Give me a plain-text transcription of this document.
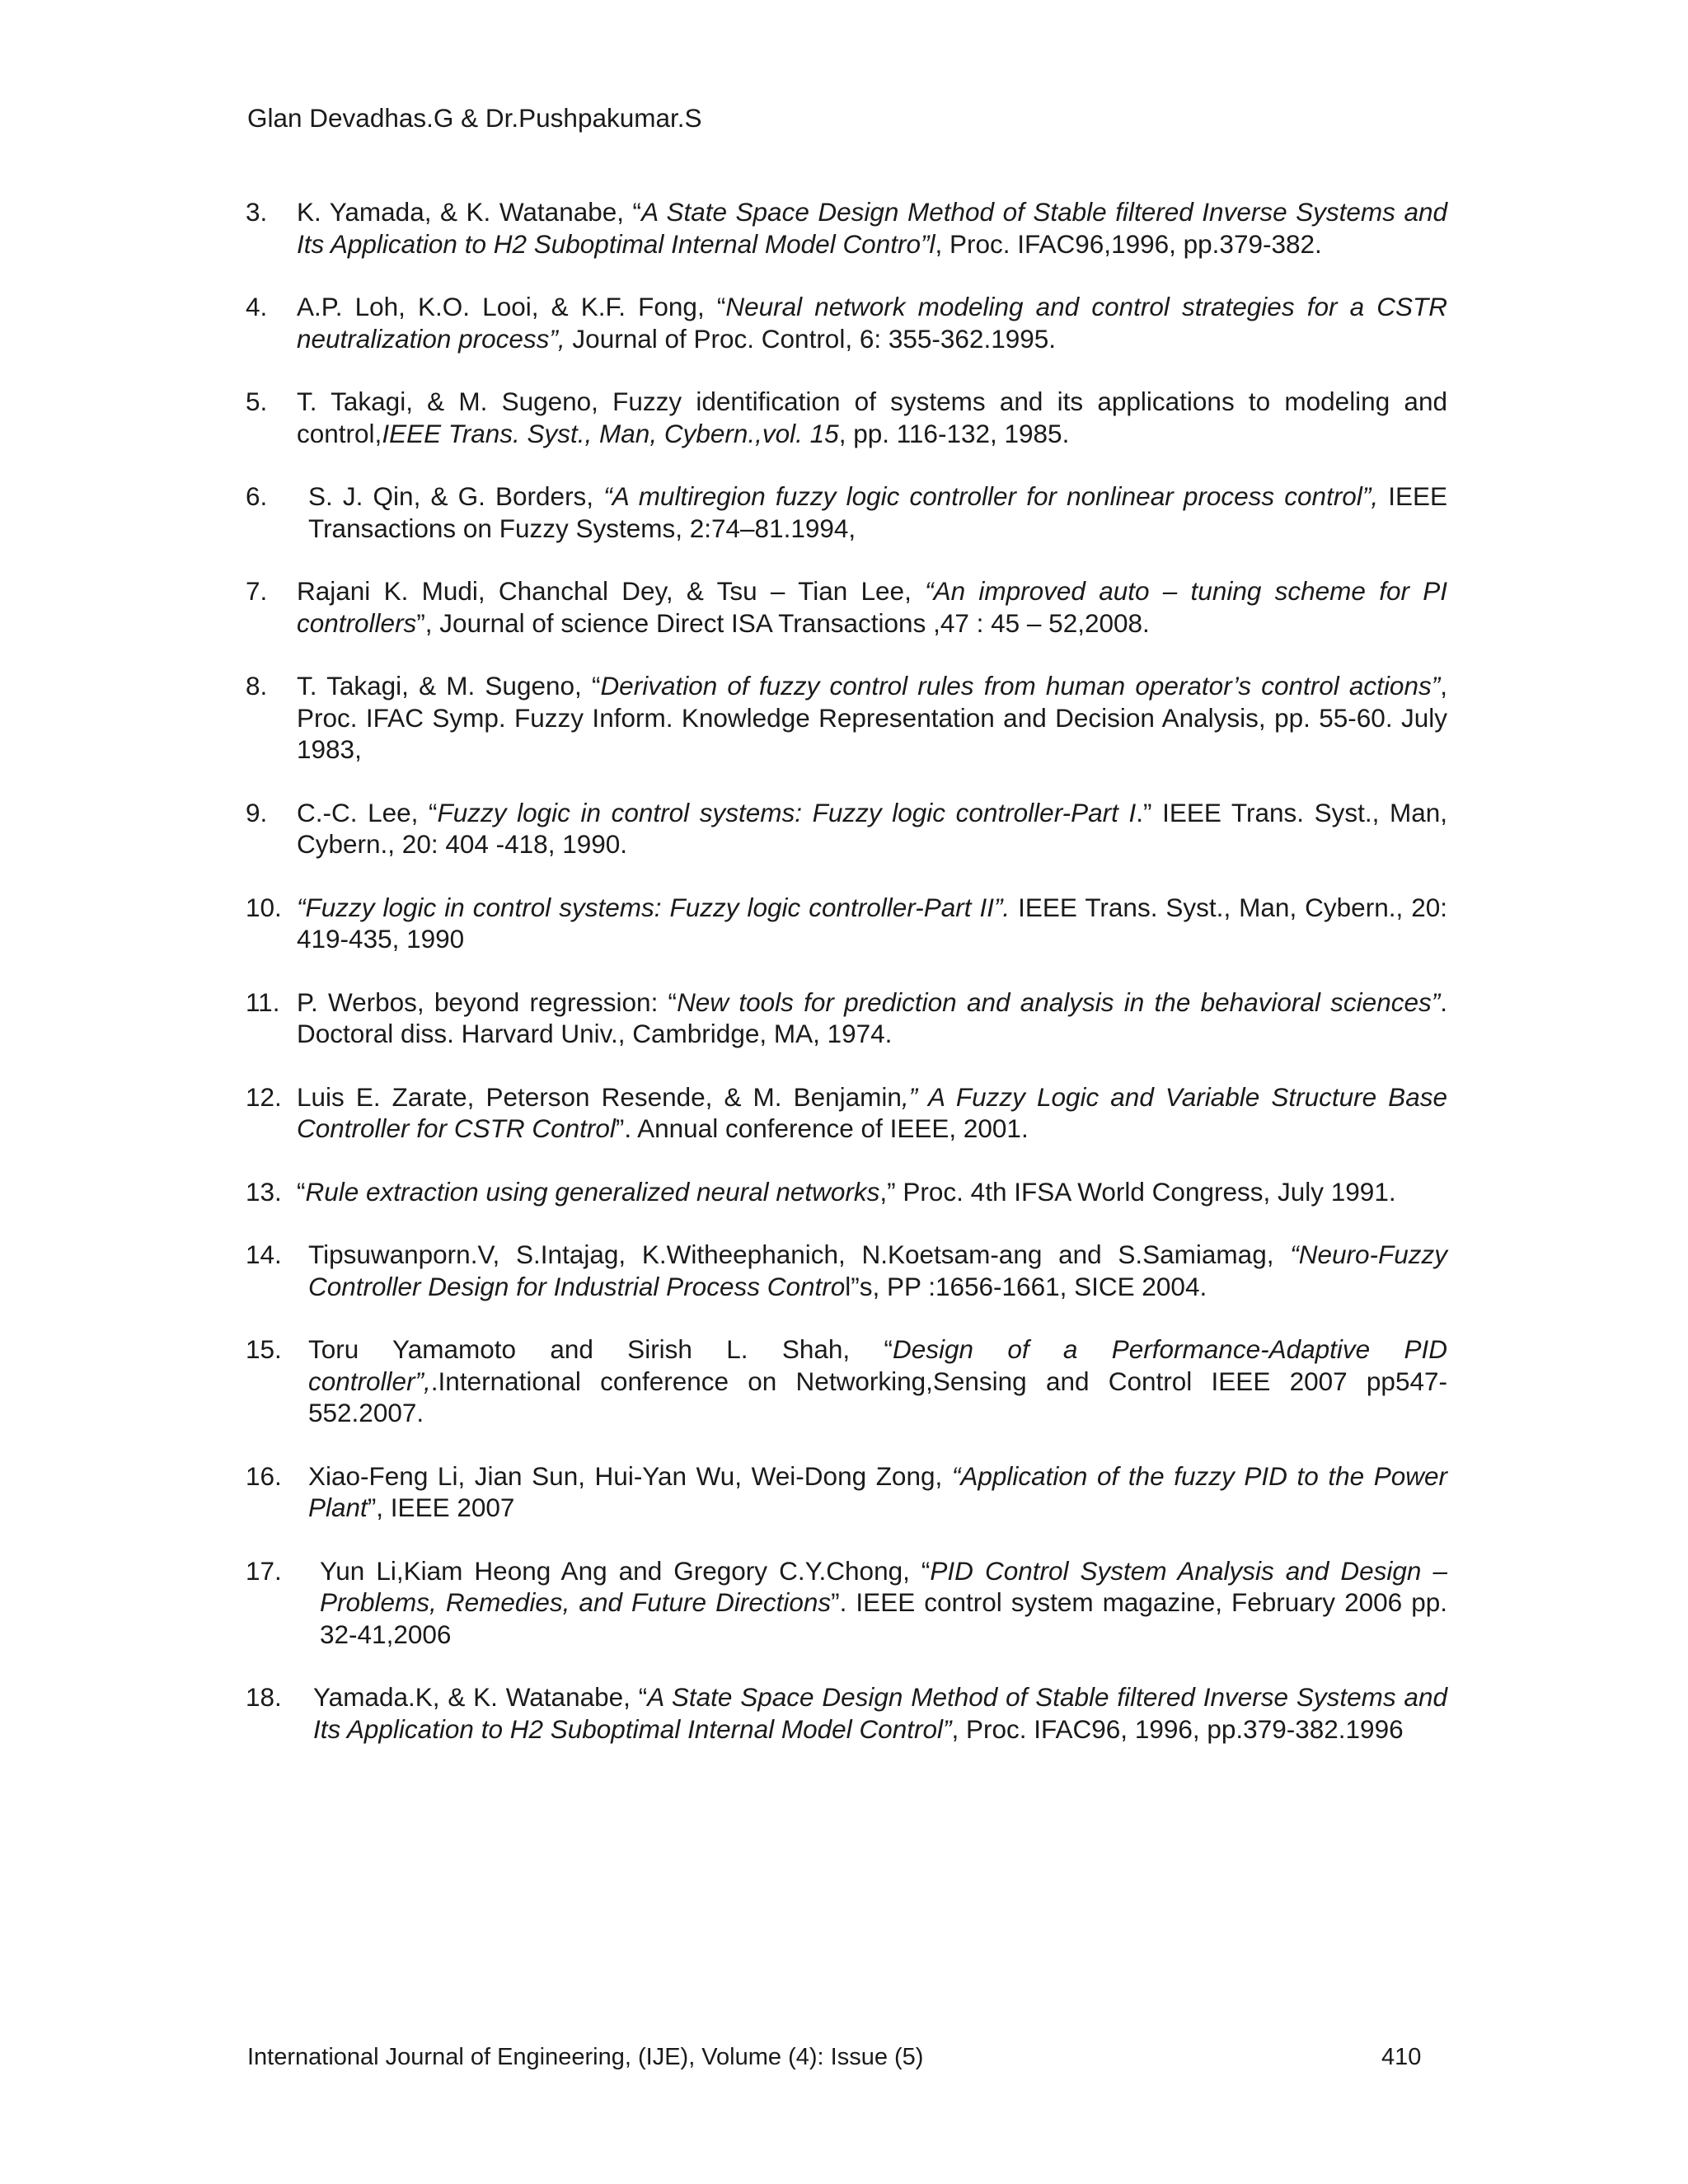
Glan Devadhas.G & Dr.Pushpakumar.S
3. K. Yamada, & K. Watanabe, “A State Space Design Method of Stable filtered Inverse Systems and Its Application to H2 Suboptimal Internal Model Contro”l, Proc. IFAC96,1996, pp.379-382.
4. A.P. Loh, K.O. Looi, & K.F. Fong, “Neural network modeling and control strategies for a CSTR neutralization process”, Journal of Proc. Control, 6: 355-362.1995.
5. T. Takagi, & M. Sugeno, Fuzzy identification of systems and its applications to modeling and control,IEEE Trans. Syst., Man, Cybern.,vol. 15, pp. 116-132, 1985.
6. S. J. Qin, & G. Borders, “A multiregion fuzzy logic controller for nonlinear process control”, IEEE Transactions on Fuzzy Systems, 2:74–81.1994,
7. Rajani K. Mudi, Chanchal Dey, & Tsu – Tian Lee, “An improved auto – tuning scheme for PI controllers”, Journal of science Direct ISA Transactions ,47 : 45 – 52,2008.
8. T. Takagi, & M. Sugeno, “Derivation of fuzzy control rules from human operator’s control actions”, Proc. IFAC Symp. Fuzzy Inform. Knowledge Representation and Decision Analysis, pp. 55-60. July 1983,
9. C.-C. Lee, “Fuzzy logic in control systems: Fuzzy logic controller-Part I.” IEEE Trans. Syst., Man, Cybern., 20: 404 -418, 1990.
10. “Fuzzy logic in control systems: Fuzzy logic controller-Part II”. IEEE Trans. Syst., Man, Cybern., 20: 419-435, 1990
11. P. Werbos, beyond regression: “New tools for prediction and analysis in the behavioral sciences”. Doctoral diss. Harvard Univ., Cambridge, MA, 1974.
12. Luis E. Zarate, Peterson Resende, & M. Benjamin,” A Fuzzy Logic and Variable Structure Base Controller for CSTR Control”. Annual conference of IEEE, 2001.
13. “Rule extraction using generalized neural networks,” Proc. 4th IFSA World Congress, July 1991.
14. Tipsuwanporn.V, S.Intajag, K.Witheephanich, N.Koetsam-ang and S.Samiamag, “Neuro-Fuzzy Controller Design for Industrial Process Control”s, PP :1656-1661, SICE 2004.
15. Toru Yamamoto and Sirish L. Shah, “Design of a Performance-Adaptive PID controller”,.International conference on Networking,Sensing and Control IEEE 2007 pp547-552.2007.
16. Xiao-Feng Li, Jian Sun, Hui-Yan Wu, Wei-Dong Zong, “Application of the fuzzy PID to the Power Plant”, IEEE 2007
17. Yun Li,Kiam Heong Ang and Gregory C.Y.Chong, “PID Control System Analysis and Design – Problems, Remedies, and Future Directions”. IEEE control system magazine, February 2006 pp. 32-41,2006
18. Yamada.K, & K. Watanabe, “A State Space Design Method of Stable filtered Inverse Systems and Its Application to H2 Suboptimal Internal Model Control”, Proc. IFAC96, 1996, pp.379-382.1996
International Journal of Engineering, (IJE), Volume (4): Issue (5)	410
